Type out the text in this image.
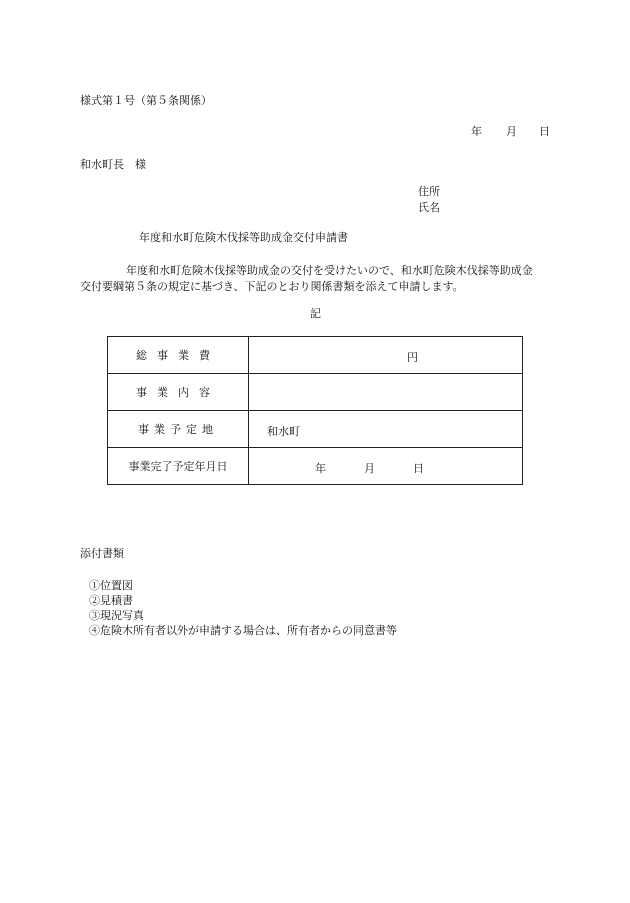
様式第１号（第５条関係）
年 月 日
和水町長　様
住所
氏名
年度和水町危険木伐採等助成金交付申請書

年度和水町危険木伐採等助成金の交付を受けたいので、和水町危険木伐採等助成金

交付要綱第５条の規定に基づき、下記のとおり関係書類を添えて申請します。

記
総事業費	円

事業内容	
事業予定地	和水町

事業完了予定年月日	年 月 日
添付書類
①位置図
②見積書
③現況写真
④危険木所有者以外が申請する場合は、所有者からの同意書等
